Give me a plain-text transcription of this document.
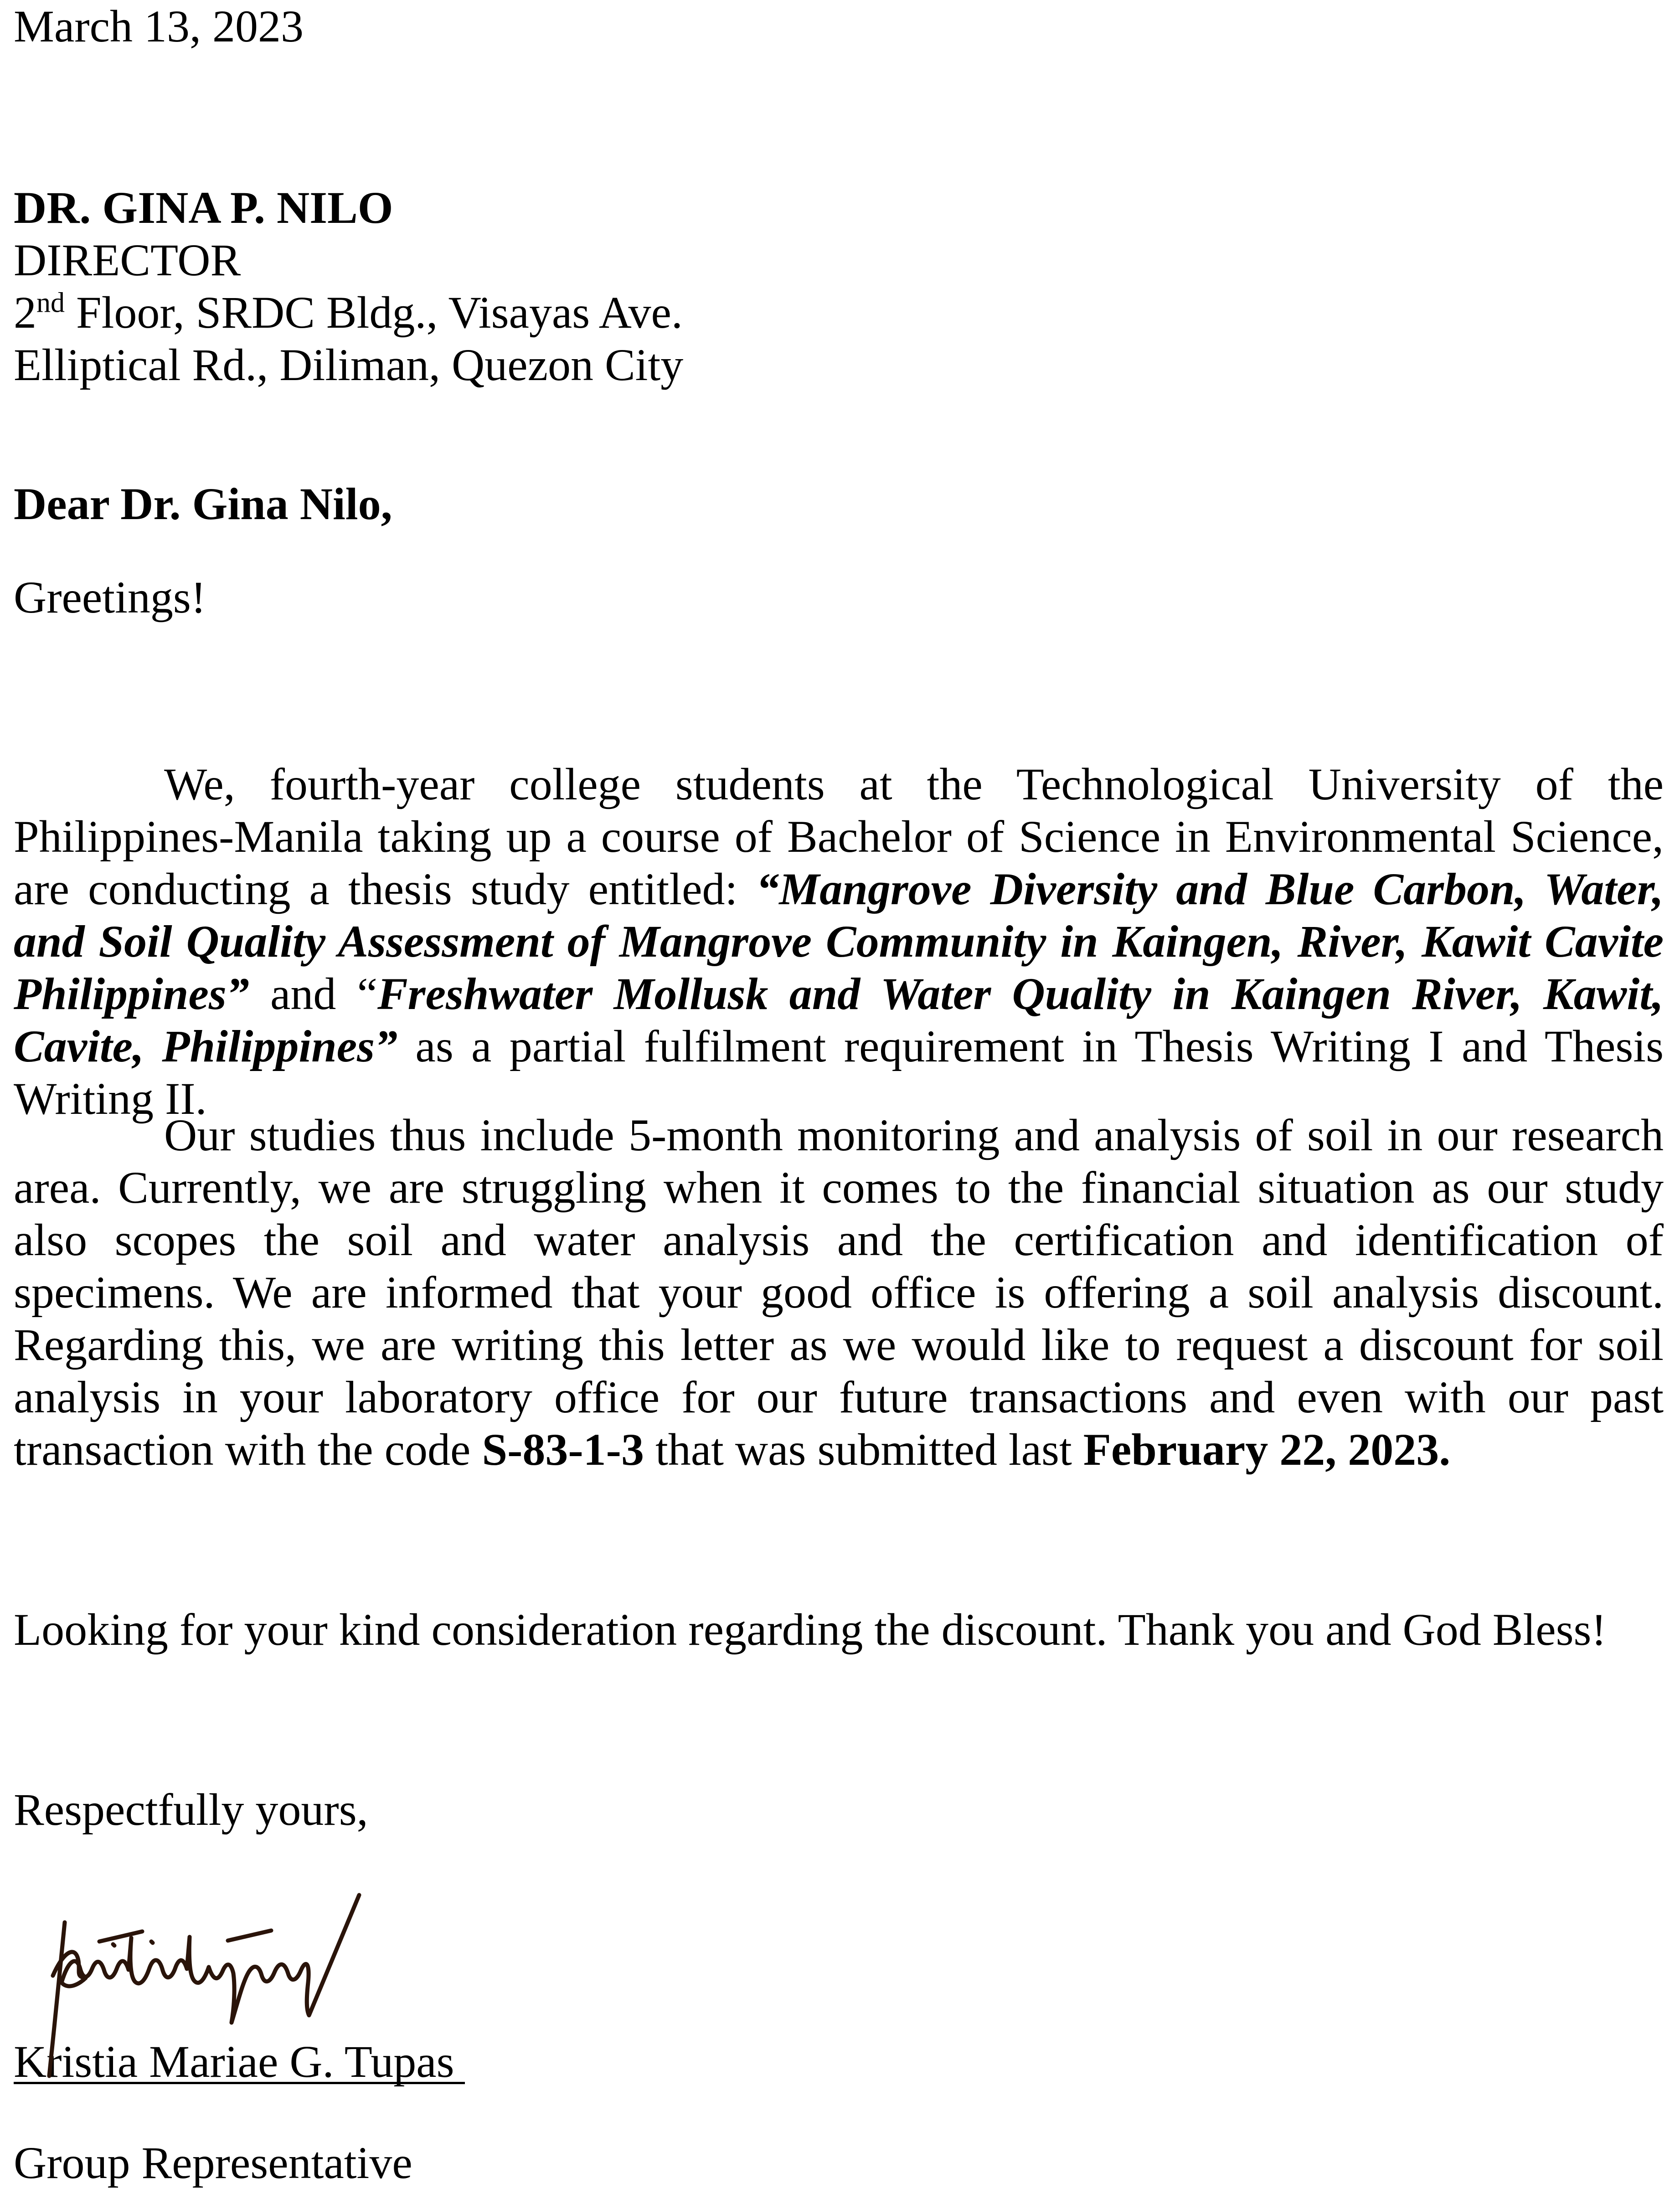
March 13, 2023
DR. GINA P. NILO
DIRECTOR
2nd Floor, SRDC Bldg., Visayas Ave.
Elliptical Rd., Diliman, Quezon City
Dear Dr. Gina Nilo,
Greetings!
We, fourth-year college students at the Technological University of the Philippines-Manila taking up a course of Bachelor of Science in Environmental Science, are conducting a thesis study entitled: “Mangrove Diversity and Blue Carbon, Water, and Soil Quality Assessment of Mangrove Community in Kaingen, River, Kawit Cavite Philippines” and “Freshwater Mollusk and Water Quality in Kaingen River, Kawit, Cavite, Philippines” as a partial fulfilment requirement in Thesis Writing I and Thesis Writing II.
Our studies thus include 5-month monitoring and analysis of soil in our research area. Currently, we are struggling when it comes to the financial situation as our study also scopes the soil and water analysis and the certification and identification of specimens. We are informed that your good office is offering a soil analysis discount. Regarding this, we are writing this letter as we would like to request a discount for soil analysis in your laboratory office for our future transactions and even with our past transaction with the code S-83-1-3 that was submitted last February 22, 2023.
Looking for your kind consideration regarding the discount. Thank you and God Bless!
Respectfully yours,
Kristia Mariae G. Tupas
Group Representative
